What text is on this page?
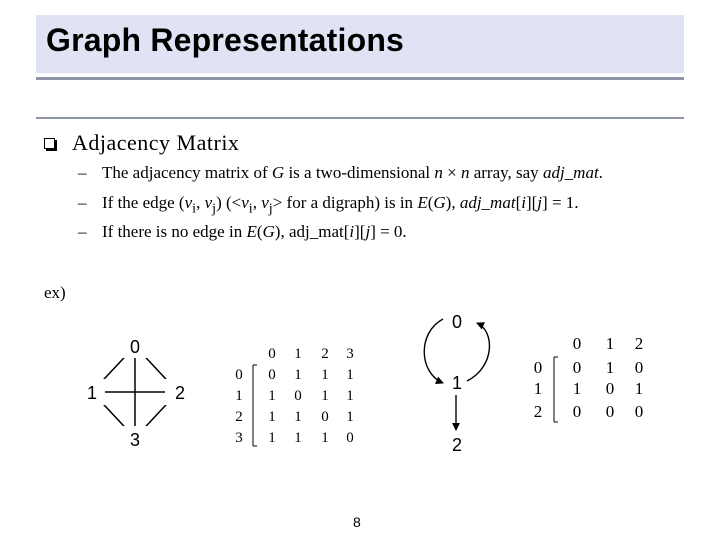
Graph Representations
Adjacency Matrix
– The adjacency matrix of G is a two-dimensional n × n array, say adj_mat.
– If the edge ($v_i$, $v_j$) ($<v_i$, $v_j>$ for a digraph) is in E(G), adj_mat[i][j] = 1.
– If there is no edge in E(G), adj_mat[i][j] = 0.
ex)
0
1	2
3
0 1 2 3
0
1
2
3
0 1 1 1
1 0 1 1
1 1 0 1
1 1 1 0
0
1
2
0 1 2
0
1
2
0 1 0
1 0 1
0 0 0
8
